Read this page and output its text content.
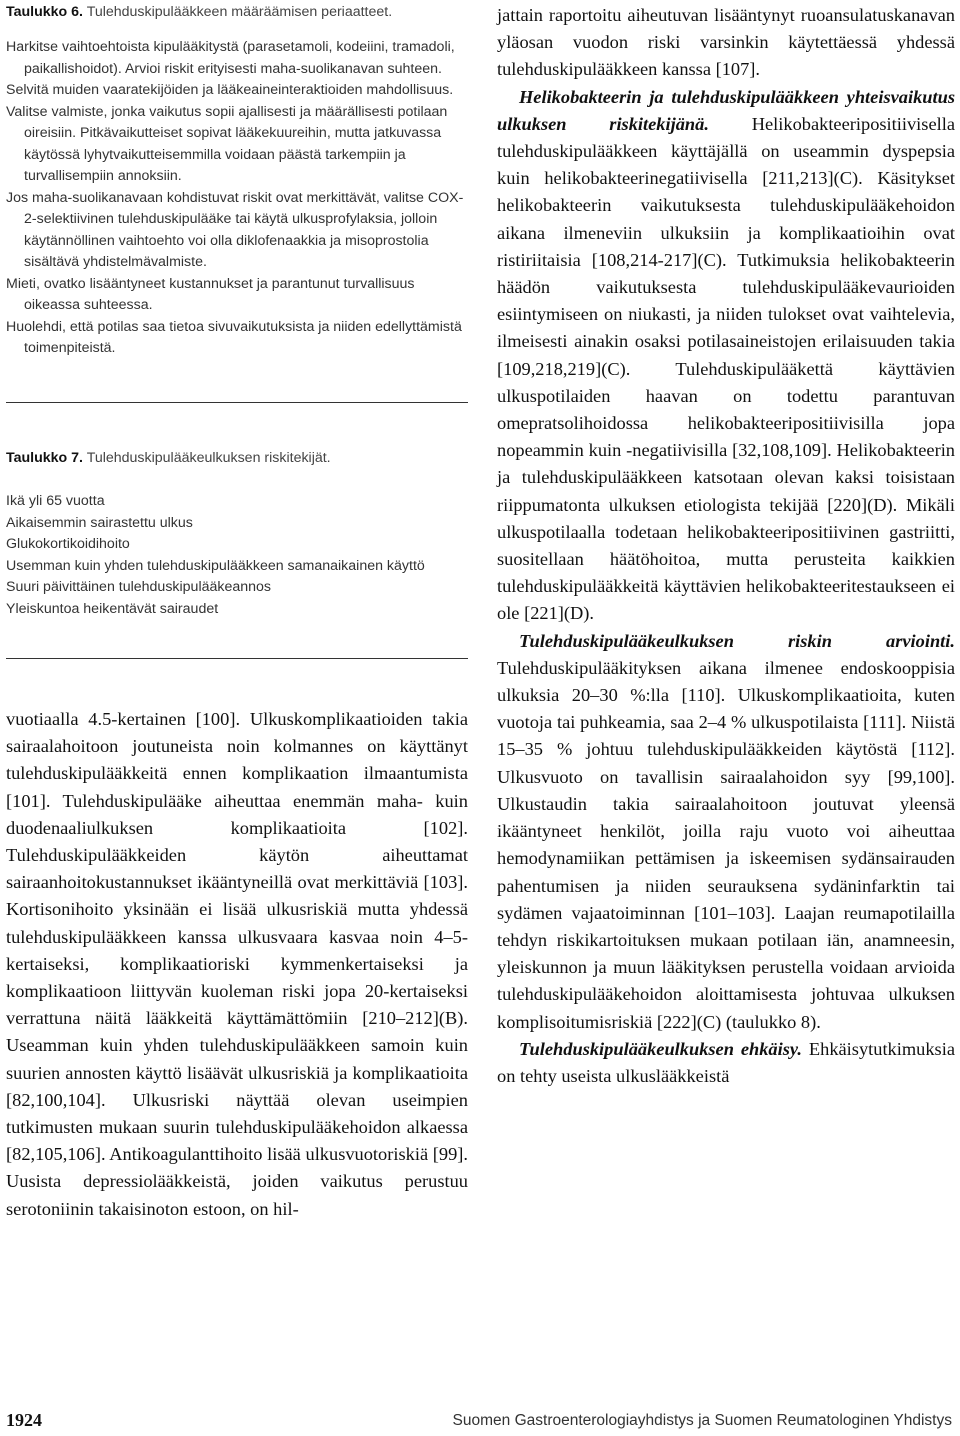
Taulukko 6. Tulehduskipulääkkeen määräämisen periaatteet.

Harkitse vaihtoehtoista kipulääkitystä (parasetamoli, kodeiini, tramadoli, paikallishoidot). Arvioi riskit erityisesti maha-suolikanavan suhteen.

Selvitä muiden vaaratekijöiden ja lääkeaineinteraktioiden mahdollisuus.

Valitse valmiste, jonka vaikutus sopii ajallisesti ja määrällisesti potilaan oireisiin. Pitkävaikutteiset sopivat lääkekuureihin, mutta jatkuvassa käytössä lyhytvaikutteisemmilla voidaan päästä tarkempiin ja turvallisempiin annoksiin.

Jos maha-suolikanavaan kohdistuvat riskit ovat merkittävät, valitse COX-2-selektiivinen tulehduskipulääke tai käytä ulkusprofylaksia, jolloin käytännöllinen vaihtoehto voi olla diklofenaakkia ja misoprostolia sisältävä yhdistelmävalmiste.

Mieti, ovatko lisääntyneet kustannukset ja parantunut turvallisuus oikeassa suhteessa.

Huolehdi, että potilas saa tietoa sivuvaikutuksista ja niiden edellyttämistä toimenpiteistä.

Taulukko 7. Tulehduskipulääkeulkuksen riskitekijät.

Ikä yli 65 vuotta

Aikaisemmin sairastettu ulkus

Glukokortikoidihoito

Usemman kuin yhden tulehduskipulääkkeen samanaikainen käyttö

Suuri päivittäinen tulehduskipulääkeannos

Yleiskuntoa heikentävät sairaudet

vuotiaalla 4.5-kertainen [100]. Ulkuskomplikaatioiden takia sairaalahoitoon joutuneista noin kolmannes on käyttänyt tulehduskipulääkkeitä ennen komplikaation ilmaantumista [101]. Tulehduskipulääke aiheuttaa enemmän maha- kuin duodenaaliulkuksen komplikaatioita [102]. Tulehduskipulääkkeiden käytön aiheuttamat sairaanhoitokustannukset ikääntyneillä ovat merkittäviä [103]. Kortisonihoito yksinään ei lisää ulkusriskiä mutta yhdessä tulehduskipulääkkeen kanssa ulkusvaara kasvaa noin 4–5-kertaiseksi, komplikaatioriski kymmenkertaiseksi ja komplikaatioon liittyvän kuoleman riski jopa 20-kertaiseksi verrattuna näitä lääkkeitä käyttämättömiin [210–212](B). Useamman kuin yhden tulehduskipulääkkeen samoin kuin suurien annosten käyttö lisäävät ulkusriskiä ja komplikaatioita [82,100,104]. Ulkusriski näyttää olevan useimpien tutkimusten mukaan suurin tulehduskipulääkehoidon alkaessa [82,105,106]. Antikoagulanttihoito lisää ulkusvuotoriskiä [99]. Uusista depressiolääkkeistä, joiden vaikutus perustuu serotoniinin takaisinoton estoon, on hil-

jattain raportoitu aiheutuvan lisääntynyt ruoansulatuskanavan yläosan vuodon riski varsinkin käytettäessä yhdessä tulehduskipulääkkeen kanssa [107].

Helikobakteerin ja tulehduskipulääkkeen yhteisvaikutus ulkuksen riskitekijänä. Helikobakteeripositiivisella tulehduskipulääkkeen käyttäjällä on useammin dyspepsia kuin helikobakteerinegatiivisella [211,213](C). Käsitykset helikobakteerin vaikutuksesta tulehduskipulääkehoidon aikana ilmeneviin ulkuksiin ja komplikaatioihin ovat ristiriitaisia [108,214-217](C). Tutkimuksia helikobakteerin häädön vaikutuksesta tulehduskipulääkevaurioiden esiintymiseen on niukasti, ja niiden tulokset ovat vaihtelevia, ilmeisesti ainakin osaksi potilasaineistojen erilaisuuden takia [109,218,219](C). Tulehduskipulääkettä käyttävien ulkuspotilaiden haavan on todettu parantuvan omepratsolihoidossa helikobakteeripositiivisilla jopa nopeammin kuin -negatiivisilla [32,108,109]. Helikobakteerin ja tulehduskipulääkkeen katsotaan olevan kaksi toisistaan riippumatonta ulkuksen etiologista tekijää [220](D). Mikäli ulkuspotilaalla todetaan helikobakteeripositiivinen gastriitti, suositellaan häätöhoitoa, mutta perusteita kaikkien tulehduskipulääkkeitä käyttävien helikobakteeritestaukseen ei ole [221](D).

Tulehduskipulääkeulkuksen riskin arviointi. Tulehduskipulääkityksen aikana ilmenee endoskooppisia ulkuksia 20–30 %:lla [110]. Ulkuskomplikaatioita, kuten vuotoja tai puhkeamia, saa 2–4 % ulkuspotilaista [111]. Niistä 15–35 % johtuu tulehduskipulääkkeiden käytöstä [112]. Ulkusvuoto on tavallisin sairaalahoidon syy [99,100]. Ulkustaudin takia sairaalahoitoon joutuvat yleensä ikääntyneet henkilöt, joilla raju vuoto voi aiheuttaa hemodynamiikan pettämisen ja iskeemisen sydänsairauden pahentumisen ja niiden seurauksena sydäninfarktin tai sydämen vajaatoiminnan [101–103]. Laajan reumapotilailla tehdyn riskikartoituksen mukaan potilaan iän, anamneesin, yleiskunnon ja muun lääkityksen perustella voidaan arvioida tulehduskipulääkehoidon aloittamisesta johtuvaa ulkuksen komplisoitumisriskiä [222](C) (taulukko 8).

Tulehduskipulääkeulkuksen ehkäisy. Ehkäisytutkimuksia on tehty useista ulkuslääkkeistä

1924	Suomen Gastroenterologiayhdistys ja Suomen Reumatologinen Yhdistys
